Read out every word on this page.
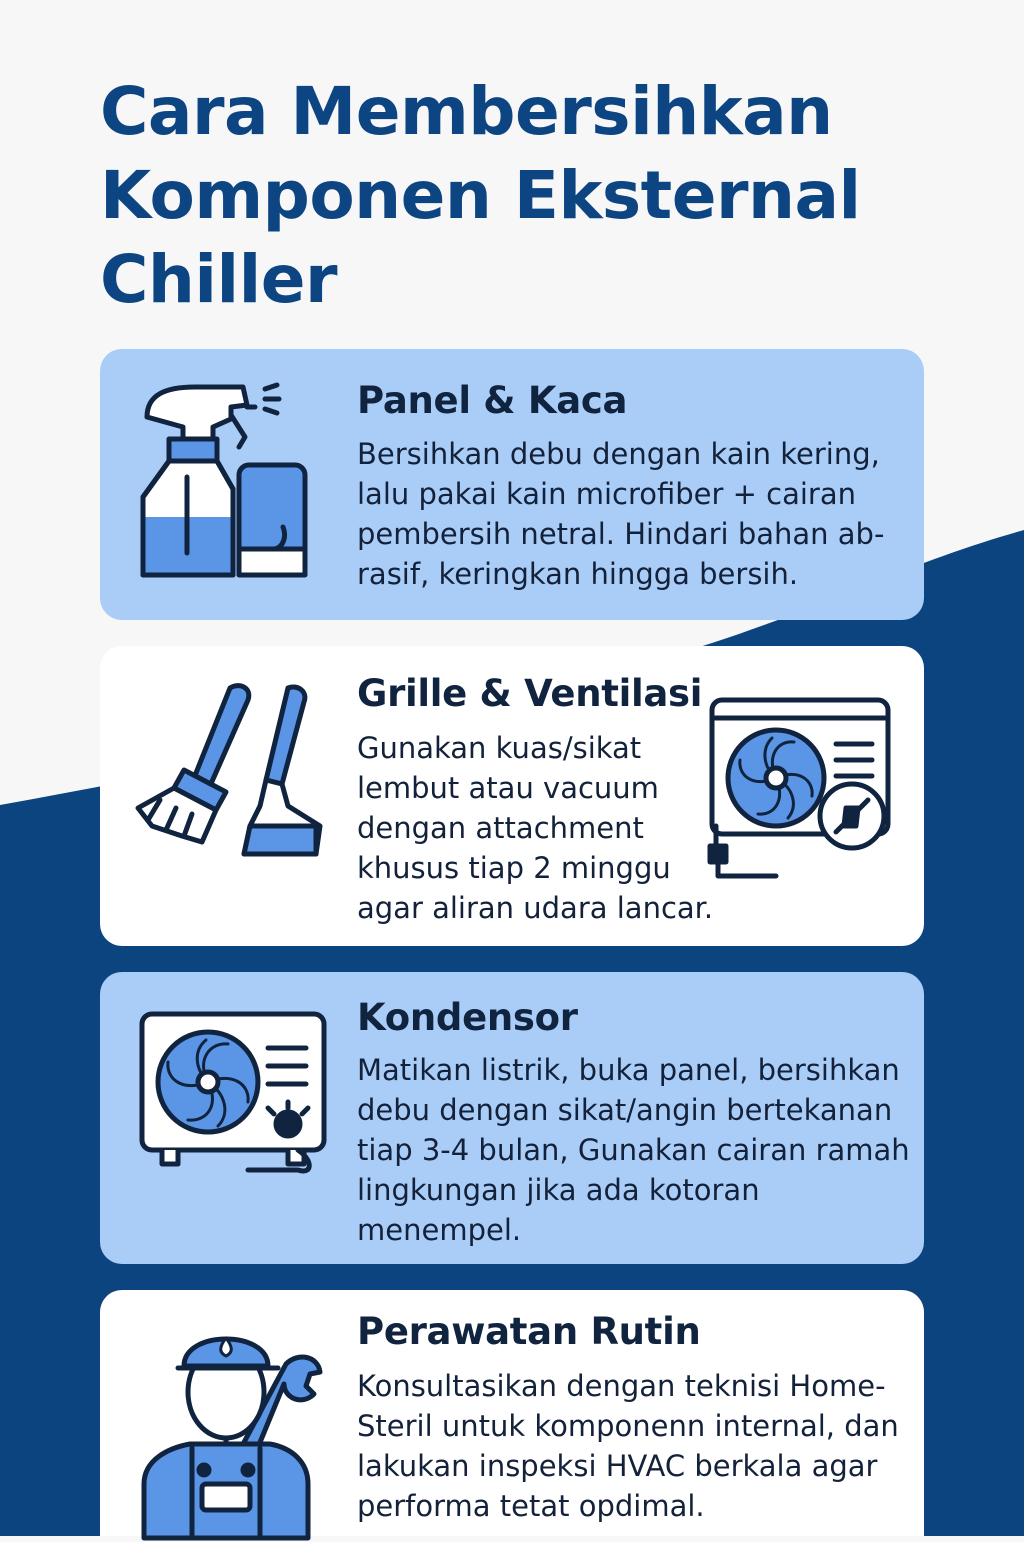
Cara Membersihkan
Komponen Eksternal
Chiller
Panel & Kaca

Bersihkan debu dengan kain kering, lalu pakai kain microfiber + cairan pembersih netral. Hindari bahan ab-rasif, keringkan hingga bersih.

Grille & Ventilasi

Gunakan kuas/sikat lembut atau vacuum dengan attachment khusus tiap 2 minggu agar aliran udara lancar.

Kondensor

Matikan listrik, buka panel, bersihkan debu dengan sikat/angin bertekanan tiap 3-4 bulan, Gunakan cairan ramah lingkungan jika ada kotoran menempel.

Perawatan Rutin

Konsultasikan dengan teknisi Home-Steril untuk komponenn internal, dan lakukan inspeksi HVAC berkala agar performa tetat opdimal.
